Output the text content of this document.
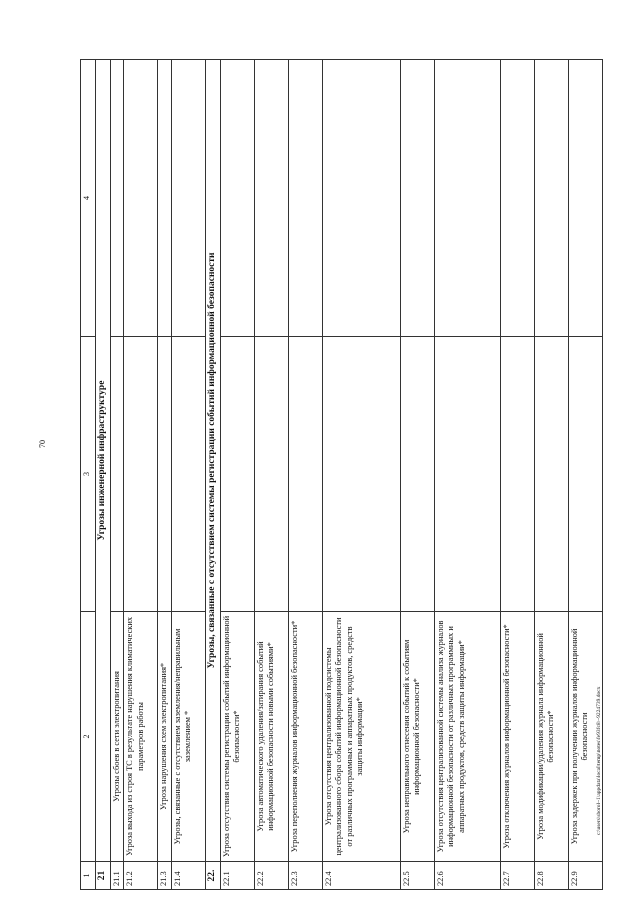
70
1	2	3	4
21	Угрозы инженерной инфраструктуре		
21.1	Угрозы сбоев в сети электропитания		
21.2	Угроза выхода из строя ТС в результате нарушения климатических параметров работы		
21.3	Угроза нарушения схем электропитания*		
21.4	Угрозы, связанные с отсутствием заземления/неправильным заземлением *		
22.	Угрозы, связанные с отсутствием системы регистрации событий информационной безопасности		
22.1	Угроза отсутствия системы регистрации событий информационной безопасности*		
22.2	Угроза автоматического удаления/затирания событий информационной безопасности новыми событиями*		
22.3	Угроза переполнения журналов информационной безопасности*		
22.4	Угроза отсутствия централизованной подсистемы централизованного сбора событий информационной безопасности от различных программных и аппаратных продуктов, средств защиты информации*		
22.5	Угроза неправильного отнесения событий к событиям информационной безопасности*		
22.6	Угроза отсутствия централизованной системы анализа журналов информационной безопасности от различных программных и аппаратных продуктов, средств защиты информации*		
22.7	Угроза отключения журналов информационной безопасности*		
22.8	Угроза модификации/удаления журнала информационной безопасности*		
22.9	Угроза задержек при получении журналов информационной безопасности		c:\users\sborol~1\appdata\local\temp\notes\fe93fc8\~9224739.docx
